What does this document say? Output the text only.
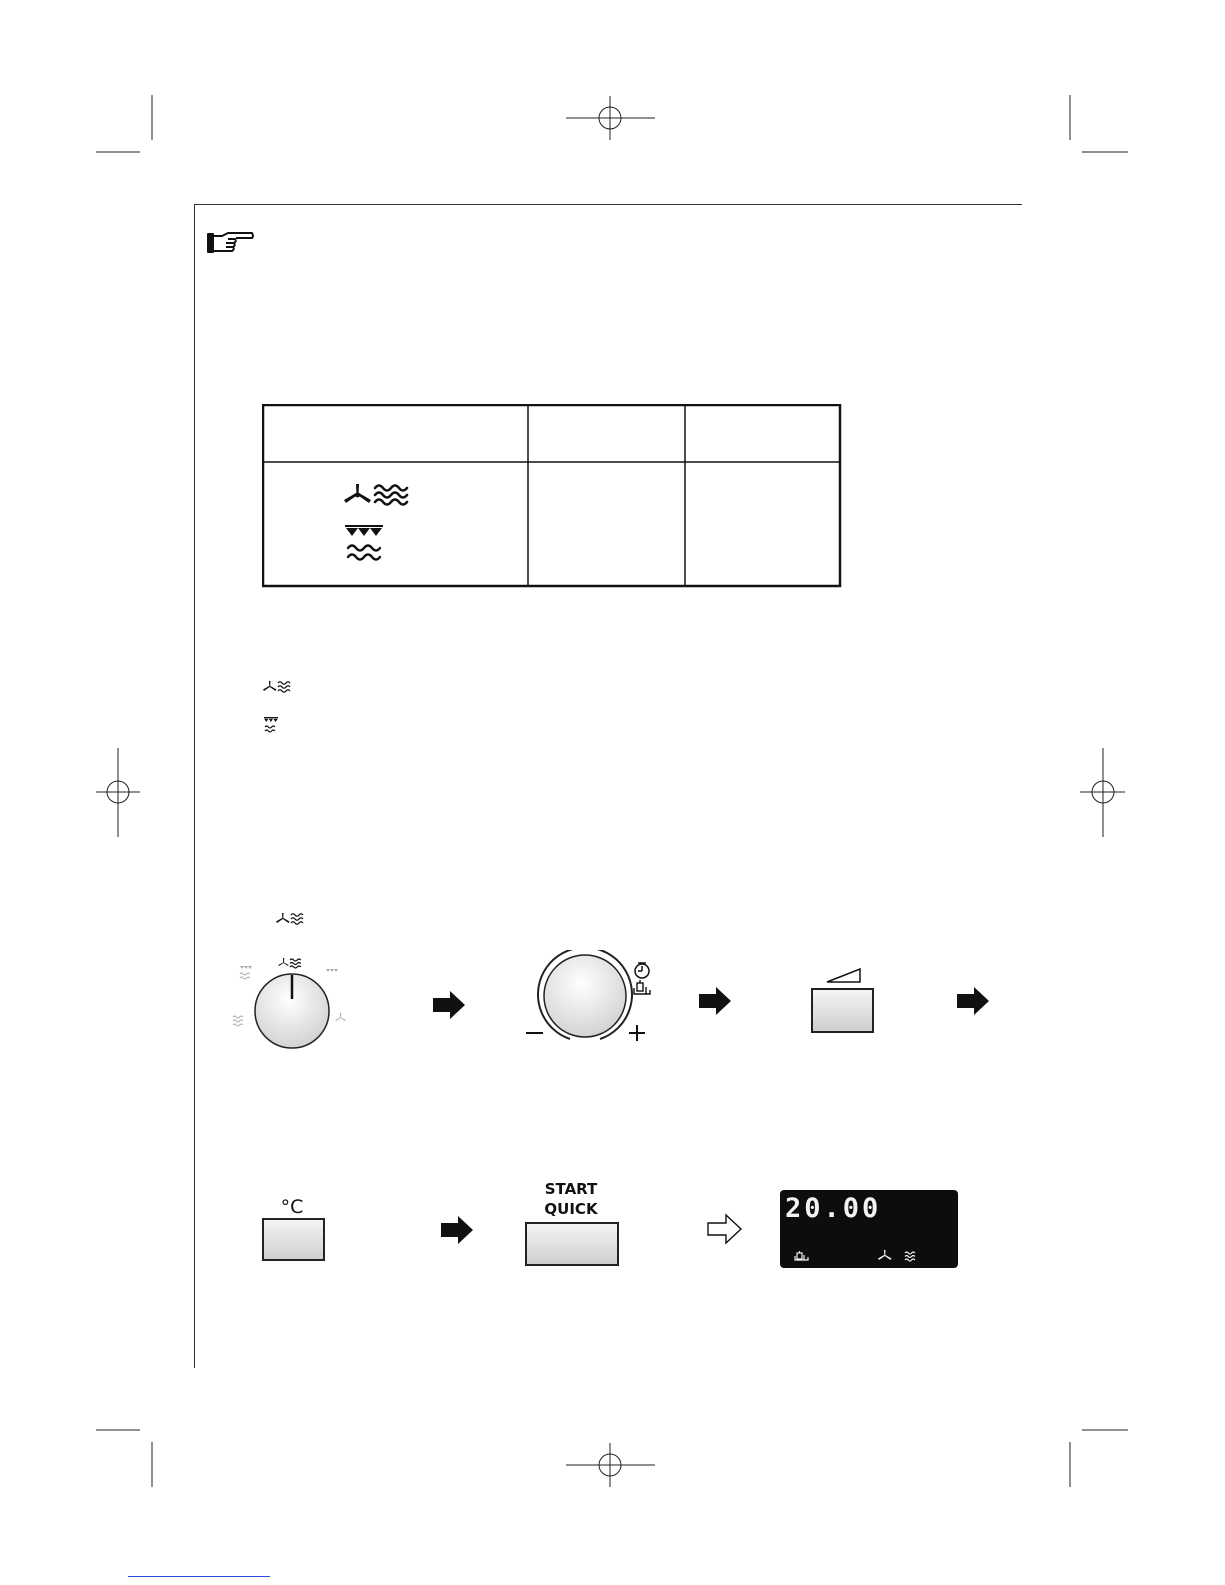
°C
START
QUICK	20.00
